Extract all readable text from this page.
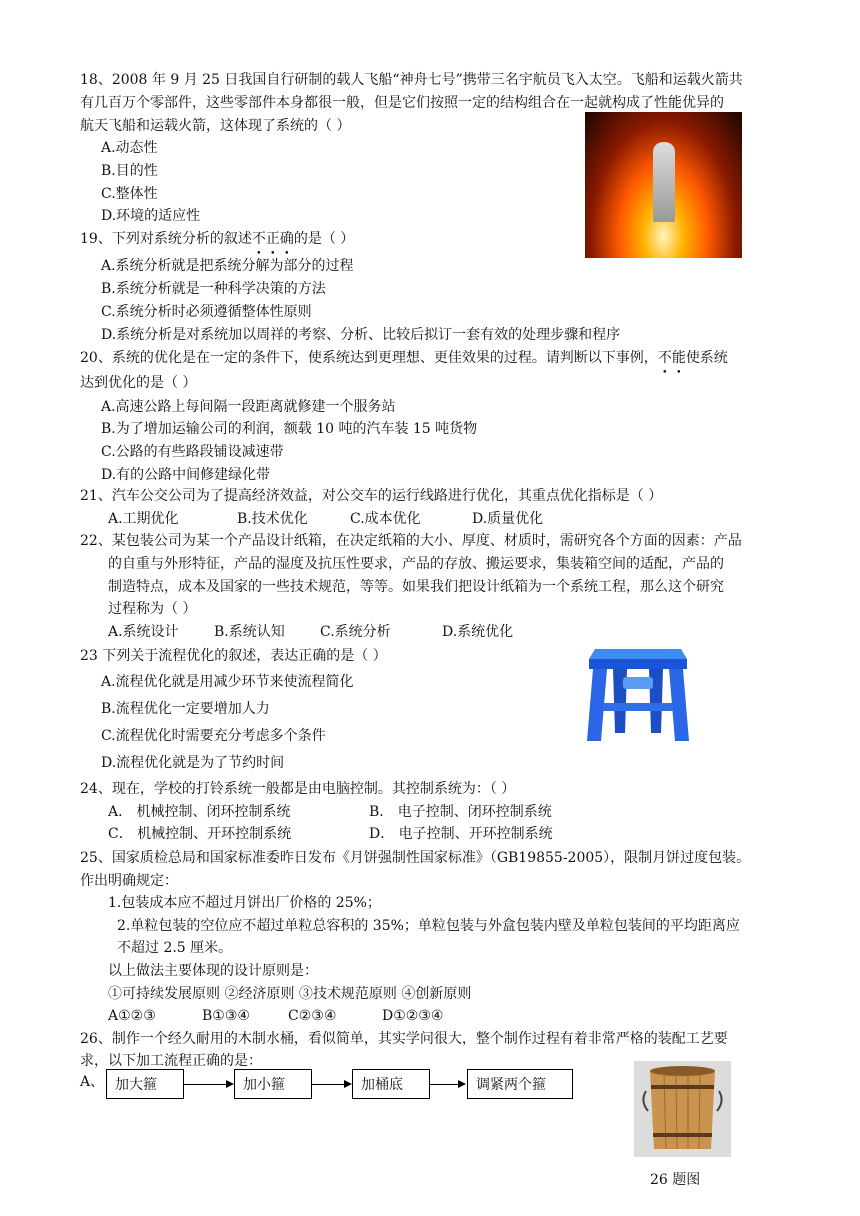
18、2008 年 9 月 25 日我国自行研制的载人飞船“神舟七号”携带三名宇航员飞入太空。飞船和运载火箭共
有几百万个零部件，这些零部件本身都很一般，但是它们按照一定的结构组合在一起就构成了性能优异的
航天飞船和运载火箭，这体现了系统的（ ）
A.动态性
B.目的性
C.整体性
D.环境的适应性
19、下列对系统分析的叙述不正确的是（ ）
A.系统分析就是把系统分解为部分的过程
B.系统分析就是一种科学决策的方法
C.系统分析时必须遵循整体性原则
D.系统分析是对系统加以周祥的考察、分析、比较后拟订一套有效的处理步骤和程序
20、系统的优化是在一定的条件下，使系统达到更理想、更佳效果的过程。请判断以下事例，不能使系统
达到优化的是（ ）
A.高速公路上每间隔一段距离就修建一个服务站
B.为了增加运输公司的利润，额载 10 吨的汽车装 15 吨货物
C.公路的有些路段铺设减速带
D.有的公路中间修建绿化带
21、汽车公交公司为了提高经济效益，对公交车的运行线路进行优化，其重点优化指标是（ ）
A.工期优化	B.技术优化	C.成本优化	D.质量优化
22、某包装公司为某一个产品设计纸箱，在决定纸箱的大小、厚度、材质时，需研究各个方面的因素：产品
的自重与外形特征，产品的湿度及抗压性要求，产品的存放、搬运要求，集装箱空间的适配，产品的
制造特点，成本及国家的一些技术规范，等等。如果我们把设计纸箱为一个系统工程，那么这个研究
过程称为（ ）
A.系统设计	B.系统认知	C.系统分析	D.系统优化
23 下列关于流程优化的叙述，表达正确的是（ ）
A.流程优化就是用减少环节来使流程简化
B.流程优化一定要增加人力
C.流程优化时需要充分考虑多个条件
D.流程优化就是为了节约时间
24、现在，学校的打铃系统一般都是由电脑控制。其控制系统为：（ ）
A． 机械控制、闭环控制系统	B． 电子控制、闭环控制系统
C． 机械控制、开环控制系统	D． 电子控制、开环控制系统
25、国家质检总局和国家标准委昨日发布《月饼强制性国家标准》（GB19855-2005），限制月饼过度包装。
作出明确规定：
1.包装成本应不超过月饼出厂价格的 25%；
2.单粒包装的空位应不超过单粒总容积的 35%；单粒包装与外盒包装内壁及单粒包装间的平均距离应
不超过 2.5 厘米。
以上做法主要体现的设计原则是：
①可持续发展原则 ②经济原则 ③技术规范原则 ④创新原则
A①②③	B①③④	C②③④	D①②③④
26、制作一个经久耐用的木制水桶，看似简单，其实学问很大，整个制作过程有着非常严格的装配工艺要
求，以下加工流程正确的是：
A、 加大箍	加小箍	加桶底	调紧两个箍
26 题图
